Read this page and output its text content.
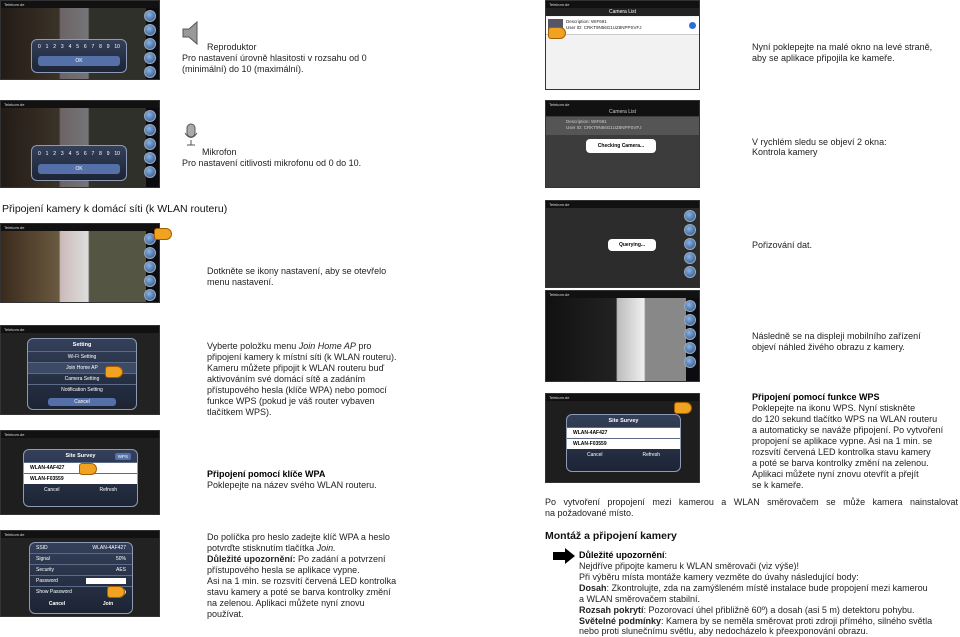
Telekom.de
0 1 2 3 4 5 6 7 8 9 10
OK
Reproduktor
Pro nastavení úrovně hlasitosti v rozsahu od 0
(minimální) do 10 (maximální).
Telekom.de
0 1 2 3 4 5 6 7 8 9 10
OK
Mikrofon
Pro nastavení citlivosti mikrofonu od 0 do 10.
Telekom.de
Camera List
Description: WIF691
User ID: CRKT9N56G1UZ8NPPSVFJ
Nyní poklepejte na malé okno na levé straně,
aby se aplikace připojila ke kameře.
Telekom.de
Camera List
Description: WIF691
User ID: CRKT9N56G1UZ8NPPSVFJ
Checking Camera...	V rychlém sledu se objeví 2 okna:
Kontrola kamery
Připojení kamery k domácí síti (k WLAN routeru)	Telekom.de
Querying...	Pořizování dat.
Telekom.de
Dotkněte se ikony nastavení, aby se otevřelo
menu nastavení.
Telekom.de
Setting
Wi-Fi Setting
Join Home AP
Camera Setting
Notification Setting
Cancel
Vyberte položku menu Join Home AP pro
připojení kamery k místní síti (k WLAN routeru).
Kameru můžete připojit k WLAN routeru buď
aktivováním své domácí sítě a zadáním
přístupového hesla (klíče WPA) nebo pomocí
funkce WPS (pokud je váš router vybaven
tlačítkem WPS).
Telekom.de
Následně se na displeji mobilního zařízení
objeví náhled živého obrazu z kamery.
Telekom.de
Site Survey	WPS
WLAN-4AF427
WLAN-F03559
Cancel	Refresh
Připojení pomocí klíče WPA
Poklepejte na název svého WLAN routeru.
Telekom.de
Site Survey
WLAN-4AF427
WLAN-F03559
Cancel	Refresh
Připojení pomocí funkce WPS
Poklepejte na ikonu WPS. Nyní stiskněte
do 120 sekund tlačítko WPS na WLAN routeru
a automaticky se naváže připojení. Po vytvoření
propojení se aplikace vypne. Asi na 1 min. se
rozsvítí červená LED kontrolka stavu kamery
a poté se barva kontrolky změní na zelenou.
Aplikaci můžete nyní znovu otevřít a přejít
se k kameře.
Po vytvoření propojení mezi kamerou a WLAN směrovačem se může kamera nainstalovat
na požadované místo.
Telekom.de
SSID	WLAN-4AF427
Signal	50%
Security	AES
Password
Show Password
Cancel	Join
Do políčka pro heslo zadejte klíč WPA a heslo
potvrďte stisknutím tlačítka Join.
Důležité upozornění: Po zadání a potvrzení
přístupového hesla se aplikace vypne.
Asi na 1 min. se rozsvítí červená LED kontrolka
stavu kamery a poté se barva kontrolky změní
na zelenou. Aplikaci můžete nyní znovu
používat.
Montáž a připojení kamery
Důležité upozornění:
Nejdříve připojte kameru k WLAN směrovači (viz výše)!
Při výběru místa montáže kamery vezměte do úvahy následující body:
Dosah: Zkontrolujte, zda na zamýšleném místě instalace bude propojení mezi kamerou
a WLAN směrovačem stabilní.
Rozsah pokrytí: Pozorovací úhel přibližně 60º) a dosah (asi 5 m) detektoru pohybu.
Světelné podmínky: Kamera by se neměla směrovat proti zdroji přímého, silného světla
nebo proti slunečnímu světlu, aby nedocházelo k přeexponování obrazu.
